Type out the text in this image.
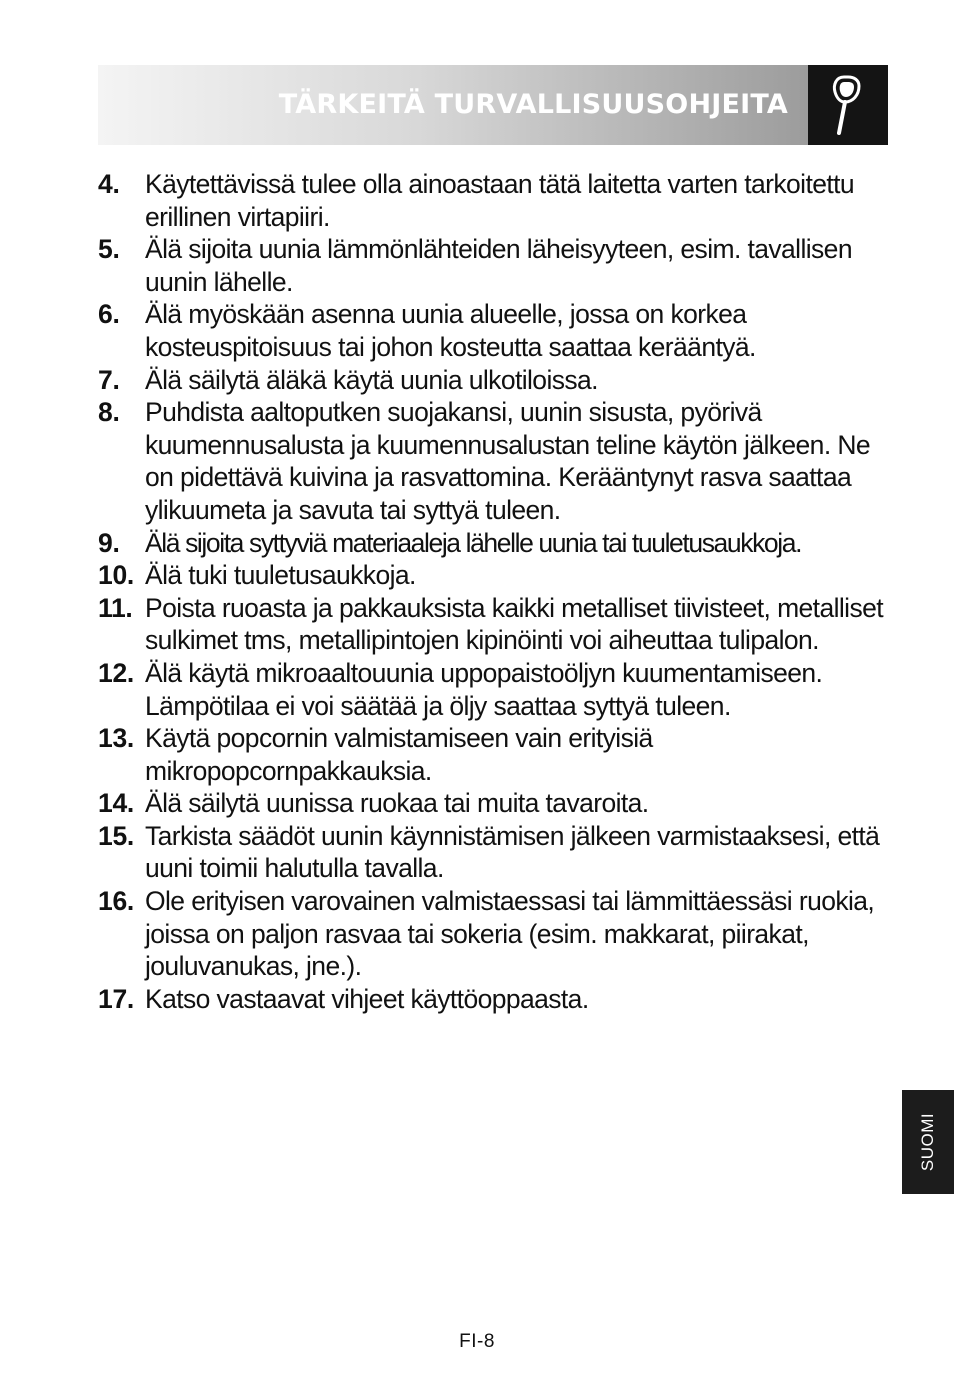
TÄRKEITÄ TURVALLISUUSOHJEITA
4. Käytettävissä tulee olla ainoastaan tätä laitetta varten tarkoitettu erillinen virtapiiri.
5. Älä sijoita uunia lämmönlähteiden läheisyyteen, esim. tavallisen uunin lähelle.
6. Älä myöskään asenna uunia alueelle, jossa on korkea kosteuspitoisuus tai johon kosteutta saattaa kerääntyä.
7. Älä säilytä äläkä käytä uunia ulkotiloissa.
8. Puhdista aaltoputken suojakansi, uunin sisusta, pyörivä kuumennusalusta ja kuumennusalustan teline käytön jälkeen. Ne on pidettävä kuivina ja rasvattomina. Kerääntynyt rasva saattaa ylikuumeta ja savuta tai syttyä tuleen.
9. Älä sijoita syttyviä materiaaleja lähelle uunia tai tuuletusaukkoja.
10. Älä tuki tuuletusaukkoja.
11. Poista ruoasta ja pakkauksista kaikki metalliset tiivisteet, metalliset sulkimet tms, metallipintojen kipinöinti voi aiheuttaa tulipalon.
12. Älä käytä mikroaaltouunia uppopaistoöljyn kuumentamiseen. Lämpötilaa ei voi säätää ja öljy saattaa syttyä tuleen.
13. Käytä popcornin valmistamiseen vain erityisiä mikropopcornpakkauksia.
14. Älä säilytä uunissa ruokaa tai muita tavaroita.
15. Tarkista säädöt uunin käynnistämisen jälkeen varmistaaksesi, että uuni toimii halutulla tavalla.
16. Ole erityisen varovainen valmistaessasi tai lämmittäessäsi ruokia, joissa on paljon rasvaa tai sokeria (esim. makkarat, piirakat, jouluvanukas, jne.).
17. Katso vastaavat vihjeet käyttöoppaasta.
SUOMI
FI-8
